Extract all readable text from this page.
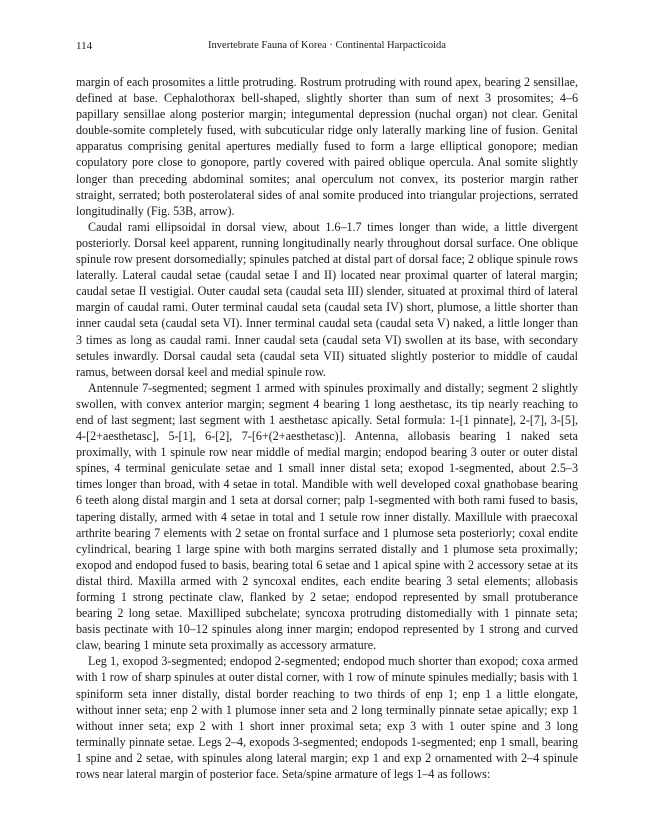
114	Invertebrate Fauna of Korea · Continental Harpacticoida

margin of each prosomites a little protruding. Rostrum protruding with round apex, bearing 2 sensillae, defined at base. Cephalothorax bell-shaped, slightly shorter than sum of next 3 prosomites; 4–6 papillary sensillae along posterior margin; integumental depression (nuchal organ) not clear. Genital double-somite completely fused, with subcuticular ridge only laterally marking line of fusion. Genital apparatus comprising genital apertures medially fused to form a large elliptical gonopore; median copulatory pore close to gonopore, partly covered with paired oblique opercula. Anal somite slightly longer than preceding abdominal somites; anal operculum not convex, its posterior margin rather straight, serrated; both posterolateral sides of anal somite produced into triangular projections, serrated longitudinally (Fig. 53B, arrow).

Caudal rami ellipsoidal in dorsal view, about 1.6–1.7 times longer than wide, a little divergent posteriorly. Dorsal keel apparent, running longitudinally nearly throughout dorsal surface. One oblique spinule row present dorsomedially; spinules patched at distal part of dorsal face; 2 oblique spinule rows laterally. Lateral caudal setae (caudal setae I and II) located near proximal quarter of lateral margin; caudal setae II vestigial. Outer caudal seta (caudal seta III) slender, situated at proximal third of lateral margin of caudal rami. Outer terminal caudal seta (caudal seta IV) short, plumose, a little shorter than inner caudal seta (caudal seta VI). Inner terminal caudal seta (caudal seta V) naked, a little longer than 3 times as long as caudal rami. Inner caudal seta (caudal seta VI) swollen at its base, with secondary setules inwardly. Dorsal caudal seta (caudal seta VII) situated slightly posterior to middle of caudal ramus, between dorsal keel and medial spinule row.

Antennule 7-segmented; segment 1 armed with spinules proximally and distally; segment 2 slightly swollen, with convex anterior margin; segment 4 bearing 1 long aesthetasc, its tip nearly reaching to end of last segment; last segment with 1 aesthetasc apically. Setal formula: 1-[1 pinnate], 2-[7], 3-[5], 4-[2+aesthetasc], 5-[1], 6-[2], 7-[6+(2+aesthetasc)]. Antenna, allobasis bearing 1 naked seta proximally, with 1 spinule row near middle of medial margin; endopod bearing 3 outer or outer distal spines, 4 terminal geniculate setae and 1 small inner distal seta; exopod 1-segmented, about 2.5–3 times longer than broad, with 4 setae in total. Mandible with well developed coxal gnathobase bearing 6 teeth along distal margin and 1 seta at dorsal corner; palp 1-segmented with both rami fused to basis, tapering distally, armed with 4 setae in total and 1 setule row inner distally. Maxillule with praecoxal arthrite bearing 7 elements with 2 setae on frontal surface and 1 plumose seta posteriorly; coxal endite cylindrical, bearing 1 large spine with both margins serrated distally and 1 plumose seta proximally; exopod and endopod fused to basis, bearing total 6 setae and 1 apical spine with 2 accessory setae at its distal third. Maxilla armed with 2 syncoxal endites, each endite bearing 3 setal elements; allobasis forming 1 strong pectinate claw, flanked by 2 setae; endopod represented by small protuberance bearing 2 long setae. Maxilliped subchelate; syncoxa protruding distomedially with 1 pinnate seta; basis pectinate with 10–12 spinules along inner margin; endopod represented by 1 strong and curved claw, bearing 1 minute seta proximally as accessory armature.

Leg 1, exopod 3-segmented; endopod 2-segmented; endopod much shorter than exopod; coxa armed with 1 row of sharp spinules at outer distal corner, with 1 row of minute spinules medially; basis with 1 spiniform seta inner distally, distal border reaching to two thirds of enp 1; enp 1 a little elongate, without inner seta; enp 2 with 1 plumose inner seta and 2 long terminally pinnate setae apically; exp 1 without inner seta; exp 2 with 1 short inner proximal seta; exp 3 with 1 outer spine and 3 long terminally pinnate setae. Legs 2–4, exopods 3-segmented; endopods 1-segmented; enp 1 small, bearing 1 spine and 2 setae, with spinules along lateral margin; exp 1 and exp 2 ornamented with 2–4 spinule rows near lateral margin of posterior face. Seta/spine armature of legs 1–4 as follows:
